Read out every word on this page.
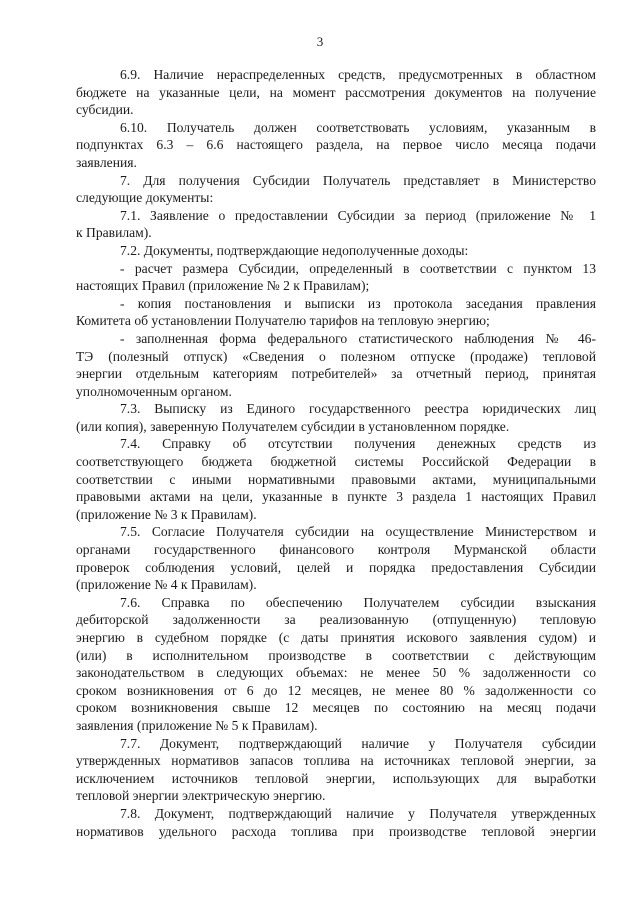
3
6.9. Наличие нераспределенных средств, предусмотренных в областном
бюджете на указанные цели, на момент рассмотрения документов на получение
субсидии.
6.10. Получатель должен соответствовать условиям, указанным в
подпунктах 6.3 – 6.6 настоящего раздела, на первое число месяца подачи
заявления.
7. Для получения Субсидии Получатель представляет в Министерство
следующие документы:
7.1. Заявление о предоставлении Субсидии за период (приложение № 1
к Правилам).
7.2. Документы, подтверждающие недополученные доходы:
- расчет размера Субсидии, определенный в соответствии с пунктом 13
настоящих Правил (приложение № 2 к Правилам);
- копия постановления и выписки из протокола заседания правления
Комитета об установлении Получателю тарифов на тепловую энергию;
- заполненная форма федерального статистического наблюдения № 46-
ТЭ (полезный отпуск) «Сведения о полезном отпуске (продаже) тепловой
энергии отдельным категориям потребителей» за отчетный период, принятая
уполномоченным органом.
7.3. Выписку из Единого государственного реестра юридических лиц
(или копия), заверенную Получателем субсидии в установленном порядке.
7.4. Справку об отсутствии получения денежных средств из
соответствующего бюджета бюджетной системы Российской Федерации в
соответствии с иными нормативными правовыми актами, муниципальными
правовыми актами на цели, указанные в пункте 3 раздела 1 настоящих Правил
(приложение № 3 к Правилам).
7.5. Согласие Получателя субсидии на осуществление Министерством и
органами государственного финансового контроля Мурманской области
проверок соблюдения условий, целей и порядка предоставления Субсидии
(приложение № 4 к Правилам).
7.6. Справка по обеспечению Получателем субсидии взыскания
дебиторской задолженности за реализованную (отпущенную) тепловую
энергию в судебном порядке (с даты принятия искового заявления судом) и
(или) в исполнительном производстве в соответствии с действующим
законодательством в следующих объемах: не менее 50 % задолженности со
сроком возникновения от 6 до 12 месяцев, не менее 80 % задолженности со
сроком возникновения свыше 12 месяцев по состоянию на месяц подачи
заявления (приложение № 5 к Правилам).
7.7. Документ, подтверждающий наличие у Получателя субсидии
утвержденных нормативов запасов топлива на источниках тепловой энергии, за
исключением источников тепловой энергии, использующих для выработки
тепловой энергии электрическую энергию.
7.8. Документ, подтверждающий наличие у Получателя утвержденных
нормативов удельного расхода топлива при производстве тепловой энергии
